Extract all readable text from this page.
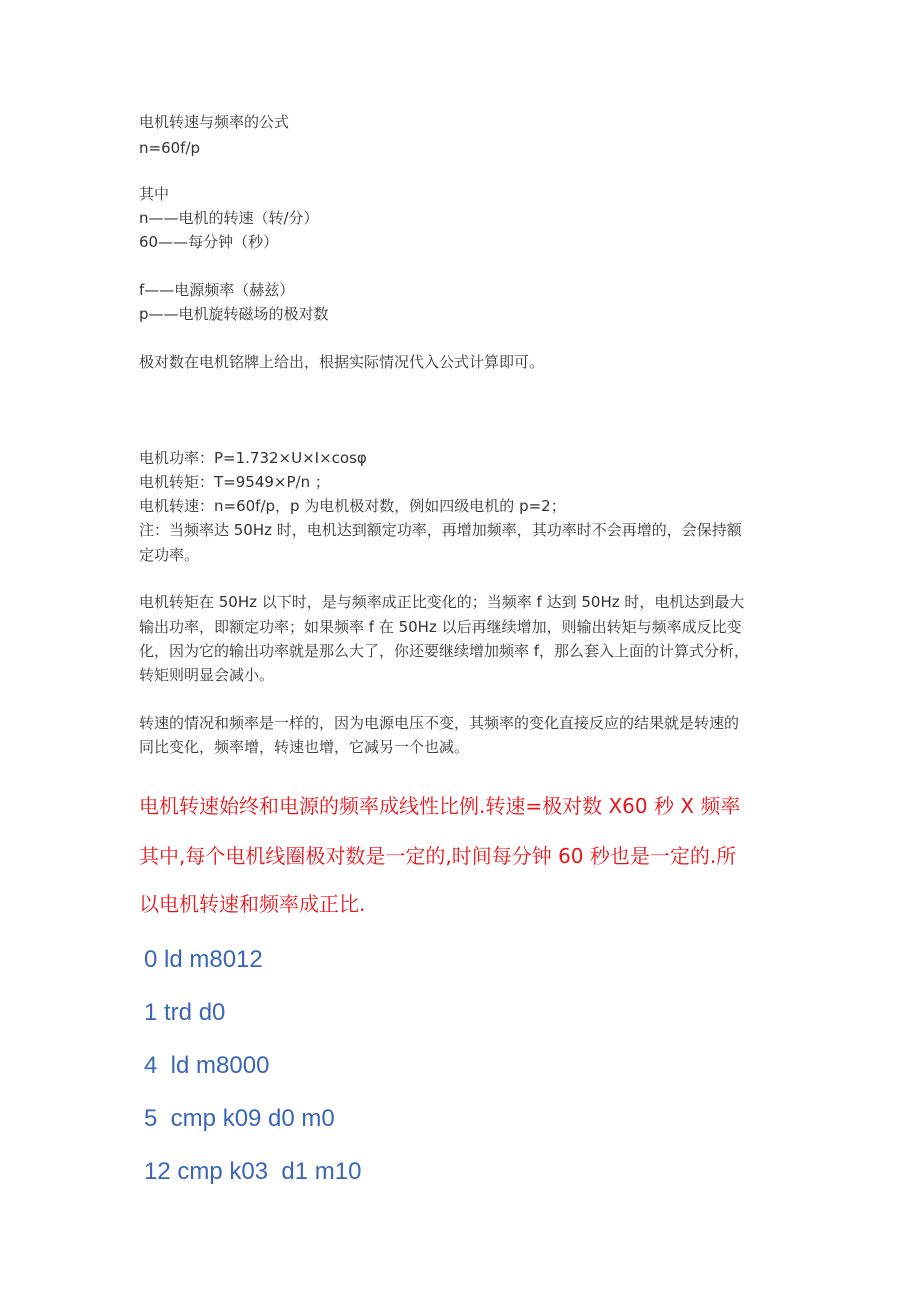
电机转速与频率的公式
n=60f/p
其中
n——电机的转速（转/分）
60——每分钟（秒）
f——电源频率（赫兹）
p——电机旋转磁场的极对数
极对数在电机铭牌上给出，根据实际情况代入公式计算即可。
电机功率：P=1.732×U×I×cosφ
电机转矩：T=9549×P/n ；
电机转速：n=60f/p，p 为电机极对数，例如四级电机的 p=2；
注：当频率达 50Hz 时，电机达到额定功率，再增加频率，其功率时不会再增的，会保持额
定功率。
电机转矩在 50Hz 以下时，是与频率成正比变化的；当频率 f 达到 50Hz 时，电机达到最大
输出功率，即额定功率；如果频率 f 在 50Hz 以后再继续增加，则输出转矩与频率成反比变
化，因为它的输出功率就是那么大了，你还要继续增加频率 f，那么套入上面的计算式分析，
转矩则明显会减小。
转速的情况和频率是一样的，因为电源电压不变，其频率的变化直接反应的结果就是转速的
同比变化，频率增，转速也增，它减另一个也减。
电机转速始终和电源的频率成线性比例.转速=极对数 X60 秒 X 频率
其中,每个电机线圈极对数是一定的,时间每分钟 60 秒也是一定的.所
以电机转速和频率成正比.
0 ld m8012
1 trd d0
4  ld m8000
5  cmp k09 d0 m0
12 cmp k03  d1 m10
